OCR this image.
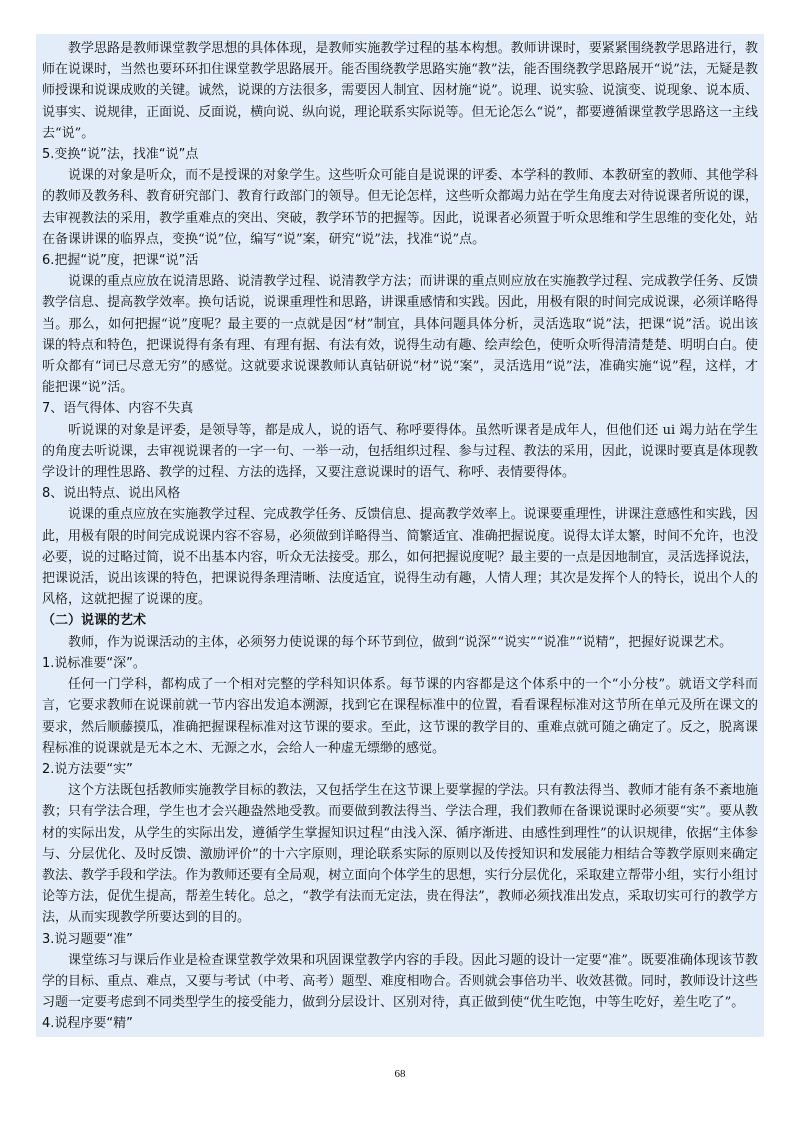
教学思路是教师课堂教学思想的具体体现，是教师实施教学过程的基本构想。教师讲课时，要紧紧围绕教学思路进行，教师在说课时，当然也要环环扣住课堂教学思路展开。能否围绕教学思路实施“教”法，能否围绕教学思路展开“说”法，无疑是教师授课和说课成败的关键。诚然，说课的方法很多，需要因人制宜、因材施“说”。说理、说实验、说演变、说现象、说本质、说事实、说规律，正面说、反面说，横向说、纵向说，理论联系实际说等。但无论怎么“说”，都要遵循课堂教学思路这一主线去“说”。

5.变换“说”法，找准“说”点

说课的对象是听众，而不是授课的对象学生。这些听众可能自是说课的评委、本学科的教师、本教研室的教师、其他学科的教师及教务科、教育研究部门、教育行政部门的领导。但无论怎样，这些听众都竭力站在学生角度去对待说课者所说的课，去审视教法的采用，教学重难点的突出、突破，教学环节的把握等。因此，说课者必须置于听众思维和学生思维的变化处，站在备课讲课的临界点，变换“说”位，编写“说”案，研究“说”法，找准“说”点。

6.把握“说”度，把课“说”活

说课的重点应放在说清思路、说清教学过程、说清教学方法；而讲课的重点则应放在实施教学过程、完成教学任务、反馈教学信息、提高教学效率。换句话说，说课重理性和思路，讲课重感情和实践。因此，用极有限的时间完成说课，必须详略得当。那么，如何把握“说”度呢？最主要的一点就是因“材”制宜，具体问题具体分析，灵活选取“说”法，把课“说”活。说出该课的特点和特色，把课说得有条有理、有理有据、有法有效，说得生动有趣、绘声绘色，使听众听得清清楚楚、明明白白。使听众都有“词已尽意无穷”的感觉。这就要求说课教师认真钻研说“材”说“案”，灵活选用“说”法，准确实施“说”程，这样，才能把课“说”活。

7、语气得体、内容不失真

听说课的对象是评委，是领导等，都是成人，说的语气、称呼要得体。虽然听课者是成年人，但他们还 ui 竭力站在学生的角度去听说课，去审视说课者的一字一句、一举一动，包括组织过程、参与过程、教法的采用，因此，说课时要真是体现教学设计的理性思路、教学的过程、方法的选择，又要注意说课时的语气、称呼、表情要得体。

8、说出特点、说出风格

说课的重点应放在实施教学过程、完成教学任务、反馈信息、提高教学效率上。说课要重理性，讲课注意感性和实践，因此，用极有限的时间完成说课内容不容易，必须做到详略得当、简繁适宜、准确把握说度。说得太详太繁，时间不允许，也没必要，说的过略过简，说不出基本内容，听众无法接受。那么，如何把握说度呢？最主要的一点是因地制宜，灵活选择说法，把课说活，说出该课的特色，把课说得条理清晰、法度适宜，说得生动有趣，人情人理；其次是发挥个人的特长，说出个人的风格，这就把握了说课的度。

（二）说课的艺术

教师，作为说课活动的主体，必须努力使说课的每个环节到位，做到“说深”“说实”“说准”“说精”，把握好说课艺术。

1.说标准要“深”。

任何一门学科，都构成了一个相对完整的学科知识体系。每节课的内容都是这个体系中的一个“小分枝”。就语文学科而言，它要求教师在说课前就一节内容出发追本溯源，找到它在课程标准中的位置，看看课程标准对这节所在单元及所在课文的要求，然后顺藤摸瓜，准确把握课程标准对这节课的要求。至此，这节课的教学目的、重难点就可随之确定了。反之，脱离课程标准的说课就是无本之木、无源之水，会给人一种虚无缥缈的感觉。

2.说方法要“实”

这个方法既包括教师实施教学目标的教法，又包括学生在这节课上要掌握的学法。只有教法得当、教师才能有条不紊地施教；只有学法合理，学生也才会兴趣盎然地受教。而要做到教法得当、学法合理，我们教师在备课说课时必须要“实”。要从教材的实际出发，从学生的实际出发，遵循学生掌握知识过程“由浅入深、循序渐进、由感性到理性”的认识规律，依据“主体参与、分层优化、及时反馈、激励评价”的十六字原则，理论联系实际的原则以及传授知识和发展能力相结合等教学原则来确定教法、教学手段和学法。作为教师还要有全局观，树立面向个体学生的思想，实行分层优化，采取建立帮带小组，实行小组讨论等方法，促优生提高，帮差生转化。总之，“教学有法而无定法，贵在得法”，教师必须找准出发点，采取切实可行的教学方法，从而实现教学所要达到的目的。

3.说习题要“准”

课堂练习与课后作业是检查课堂教学效果和巩固课堂教学内容的手段。因此习题的设计一定要“准”。既要准确体现该节教学的目标、重点、难点，又要与考试（中考、高考）题型、难度相吻合。否则就会事倍功半、收效甚微。同时，教师设计这些习题一定要考虑到不同类型学生的接受能力，做到分层设计、区别对待，真正做到使“优生吃饱，中等生吃好，差生吃了”。

4.说程序要“精”

68
